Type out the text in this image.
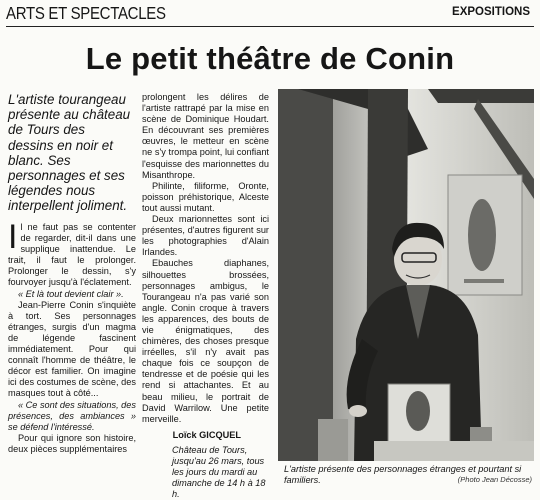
ARTS ET SPECTACLES	EXPOSITIONS
Le petit théâtre de Conin
L'artiste tourangeau présente au château de Tours des dessins en noir et blanc. Ses personnages et ses légendes nous interpellent joliment.

Il ne faut pas se contenter de regarder, dit-il dans une supplique inattendue. Le trait, il faut le prolonger. Prolonger le dessin, s'y fourvoyer jusqu'à l'éclatement.

« Et là tout devient clair ».

Jean-Pierre Conin s'inquiète à tort. Ses personnages étranges, surgis d'un magma de légende fascinent immédiatement. Pour qui connaît l'homme de théâtre, le décor est familier. On imagine ici des costumes de scène, des masques tout à côté...

« Ce sont des situations, des présences, des ambiances » se défend l'intéressé.

Pour qui ignore son histoire, deux pièces supplémentaires

prolongent les délires de l'artiste rattrapé par la mise en scène de Dominique Houdart. En découvrant ses premières œuvres, le metteur en scène ne s'y trompa point, lui confiant l'esquisse des marionnettes du Misanthrope.

Philinte, filiforme, Oronte, poisson préhistorique, Alceste tout aussi mutant.

Deux marionnettes sont ici présentes, d'autres figurent sur les photographies d'Alain Irlandes.

Ebauches diaphanes, silhouettes brossées, personnages ambigus, le Tourangeau n'a pas varié son angle. Conin croque à travers les apparences, des bouts de vie énigmatiques, des chimères, des choses presque irréelles, s'il n'y avait pas chaque fois ce soupçon de tendresse et de poésie qui les rend si attachantes. Et au beau milieu, le portrait de David Warrilow. Une petite merveille.

Loïck GICQUEL

Château de Tours, jusqu'au 26 mars, tous les jours du mardi au dimanche de 14 h à 18 h.

L'artiste présente des personnages étranges et pourtant si familiers.	(Photo Jean Décosse)
